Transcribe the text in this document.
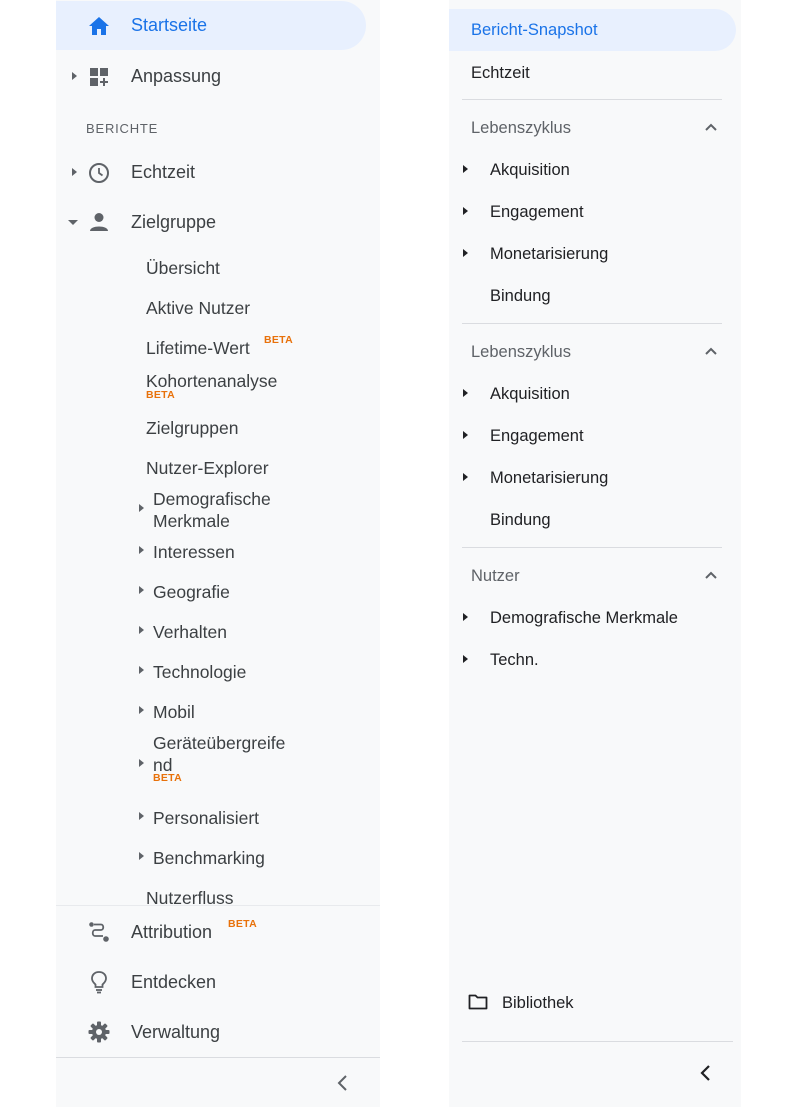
Startseite
Anpassung
BERICHTE
Echtzeit
Zielgruppe
Übersicht
Aktive Nutzer
Lifetime-Wert BETA
Kohortenanalyse
BETA
Zielgruppen
Nutzer-Explorer
Demografische
Merkmale
Interessen
Geografie
Verhalten
Technologie
Mobil
Geräteübergreife
nd
BETA
Personalisiert
Benchmarking
Nutzerfluss
Attribution BETA
Entdecken
Verwaltung
Bericht-Snapshot
Echtzeit
Lebenszyklus
Akquisition
Engagement
Monetarisierung
Bindung
Lebenszyklus
Akquisition
Engagement
Monetarisierung
Bindung
Nutzer
Demografische Merkmale
Techn.
Bibliothek
